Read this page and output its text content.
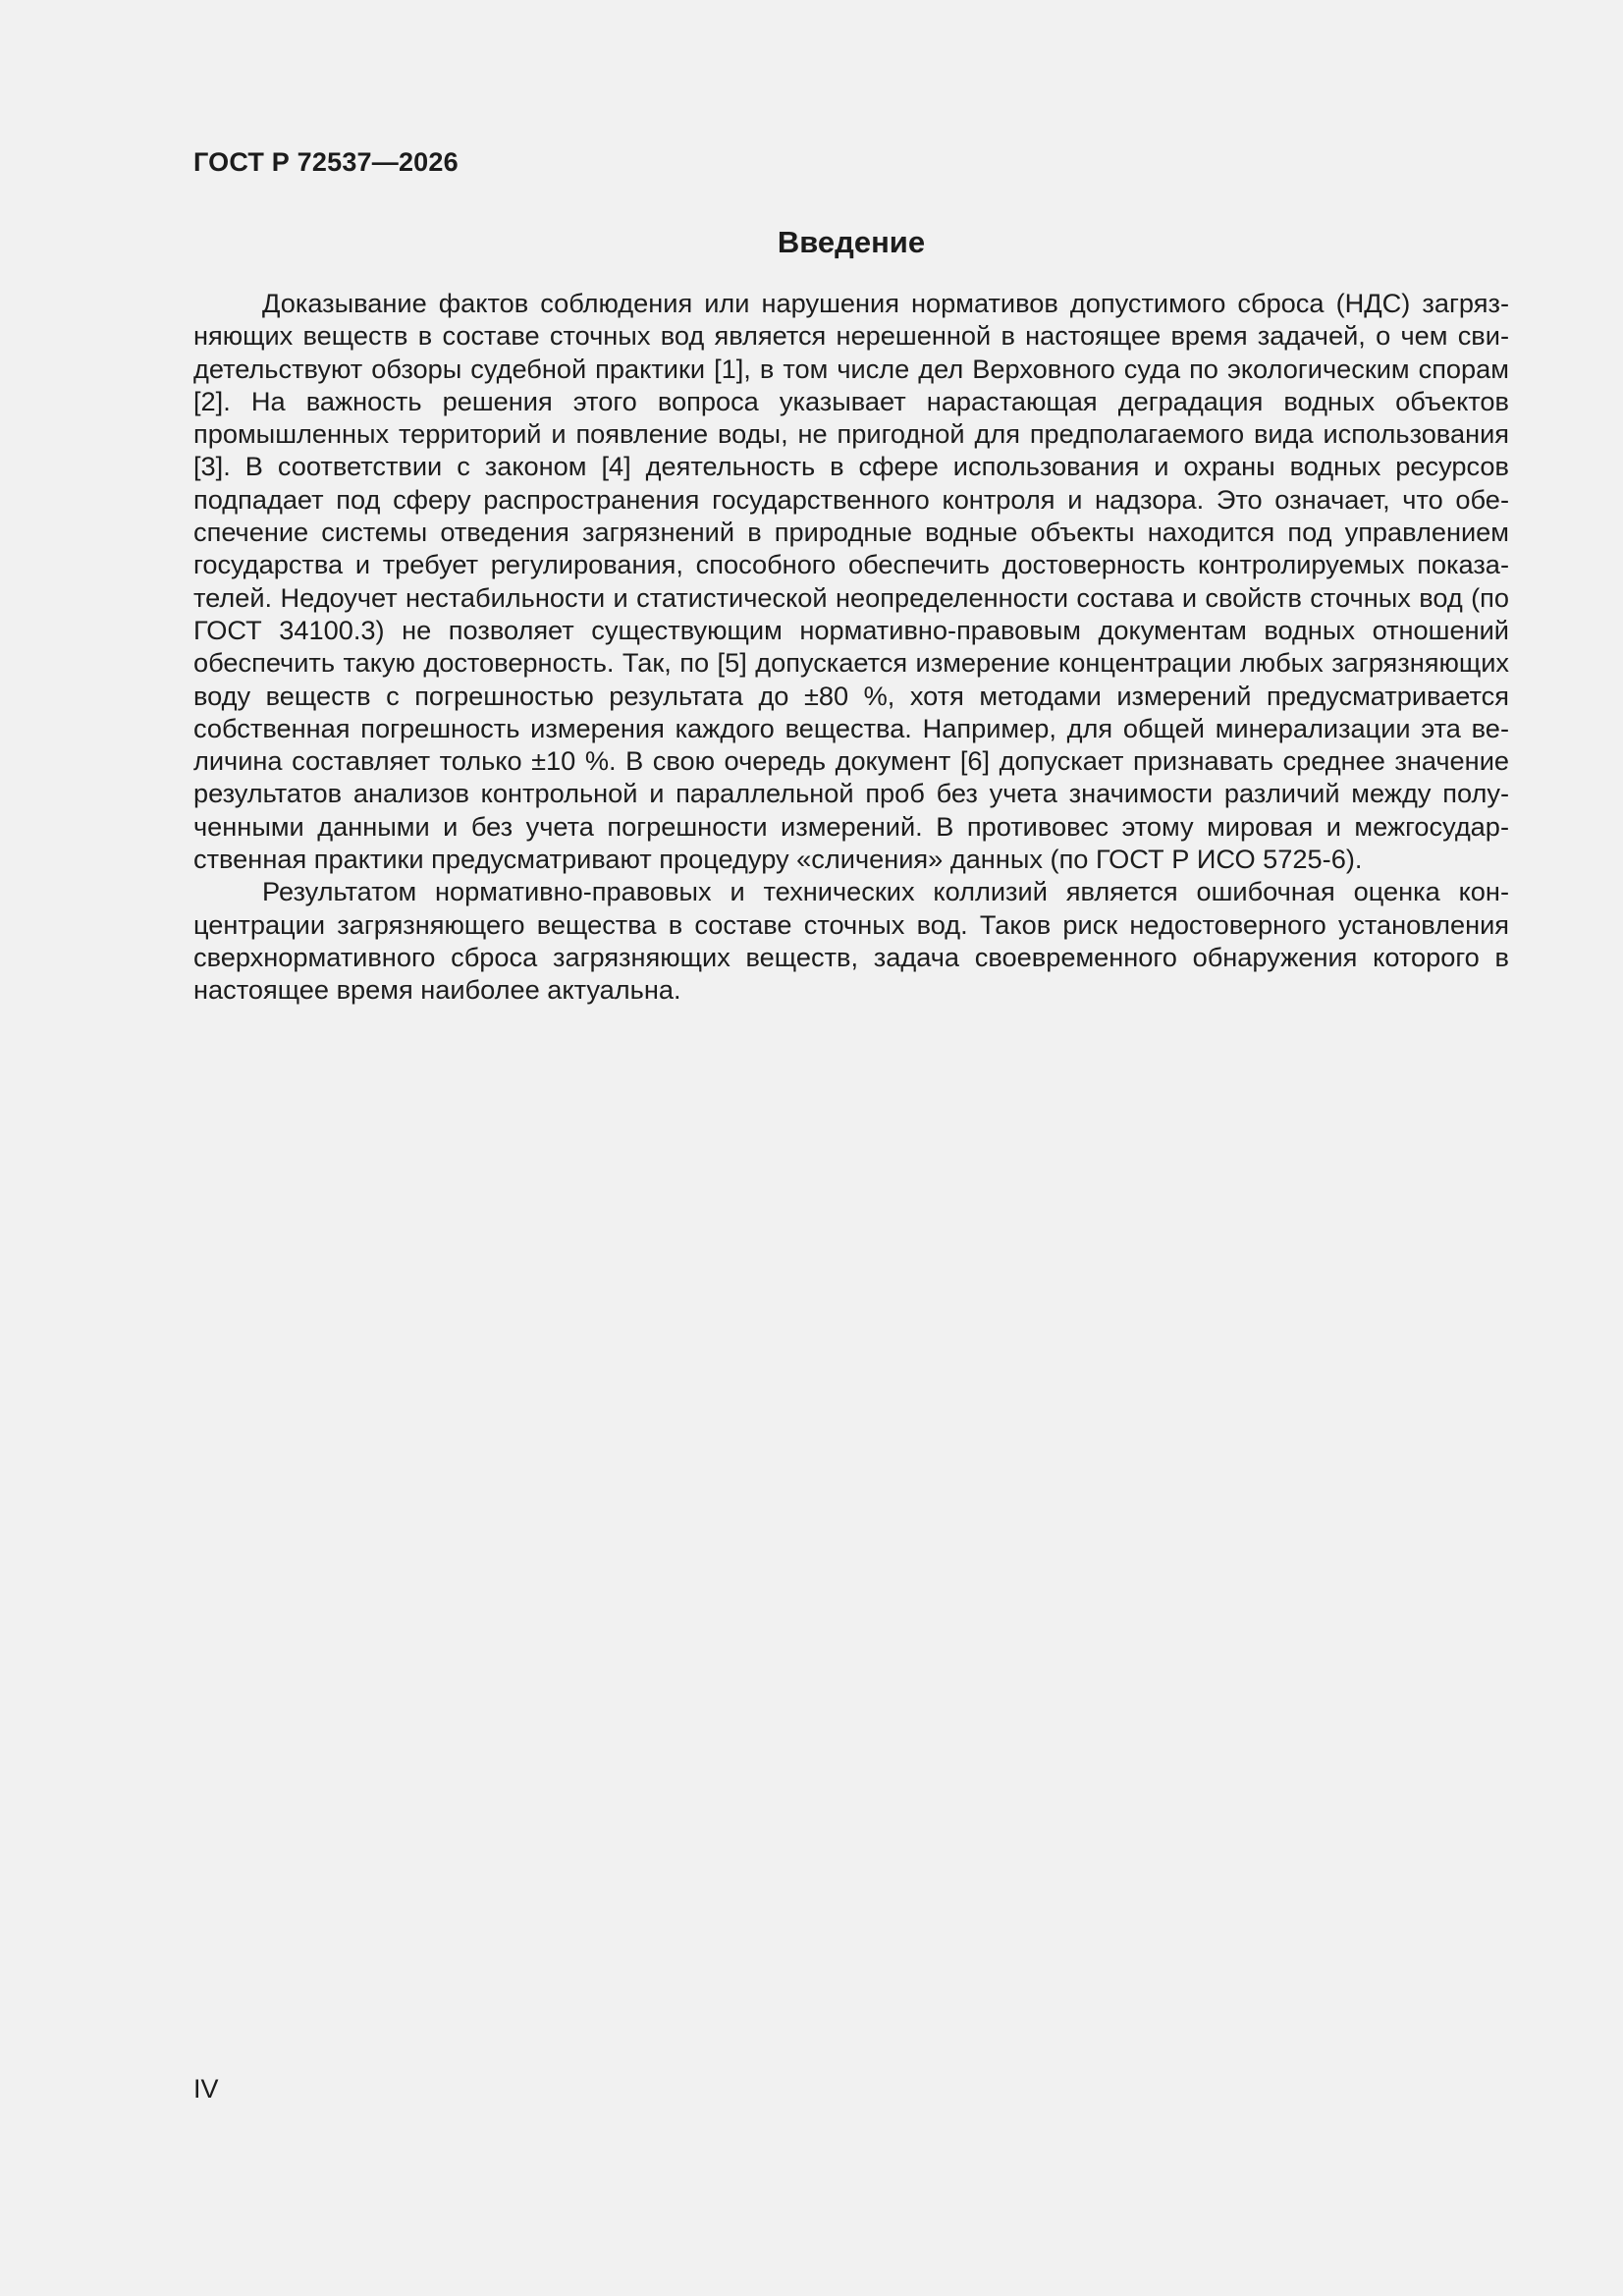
ГОСТ Р 72537—2026
Введение

Доказывание фактов соблюдения или нарушения нормативов допустимого сброса (НДС) загрязняющих веществ в составе сточных вод является нерешенной в настоящее время задачей, о чем свидетельствуют обзоры судебной практики [1], в том числе дел Верховного суда по экологическим спорам [2]. На важность решения этого вопроса указывает нарастающая деградация водных объектов промышленных территорий и появление воды, не пригодной для предполагаемого вида использования [3]. В соответствии с законом [4] деятельность в сфере использования и охраны водных ресурсов подпадает под сферу распространения государственного контроля и надзора. Это означает, что обеспечение системы отведения загрязнений в природные водные объекты находится под управлением государства и требует регулирования, способного обеспечить достоверность контролируемых показателей. Недоучет нестабильности и статистической неопределенности состава и свойств сточных вод (по ГОСТ 34100.3) не позволяет существующим нормативно-правовым документам водных отношений обеспечить такую достоверность. Так, по [5] допускается измерение концентрации любых загрязняющих воду веществ с погрешностью результата до ±80 %, хотя методами измерений предусматривается собственная погрешность измерения каждого вещества. Например, для общей минерализации эта величина составляет только ±10 %. В свою очередь документ [6] допускает признавать среднее значение результатов анализов контрольной и параллельной проб без учета значимости различий между полученными данными и без учета погрешности измерений. В противовес этому мировая и межгосударственная практики предусматривают процедуру «сличения» данных (по ГОСТ Р ИСО 5725-6).

Результатом нормативно-правовых и технических коллизий является ошибочная оценка концентрации загрязняющего вещества в составе сточных вод. Таков риск недостоверного установления сверхнормативного сброса загрязняющих веществ, задача своевременного обнаружения которого в настоящее время наиболее актуальна.

IV
